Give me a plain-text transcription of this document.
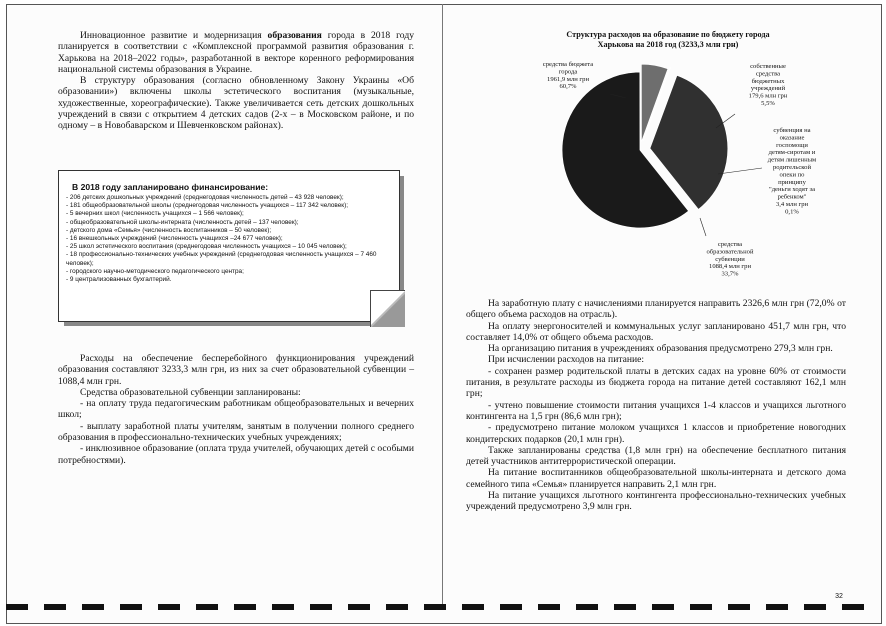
Инновационное развитие и модернизация образования города в 2018 году планируется в соответствии с «Комплексной программой развития образования г. Харькова на 2018–2022 годы», разработанной в векторе коренного реформирования национальной системы образования в Украине.

В структуру образования (согласно обновленному Закону Украины «Об образовании») включены школы эстетического воспитания (музыкальные, художественные, хореографические). Также увеличивается сеть детских дошкольных учреждений в связи с открытием 4 детских садов (2-х – в Московском районе, и по одному – в Новобаварском и Шевченковском районах).

В 2018 году запланировано финансирование:
- 206 детских дошкольных учреждений (среднегодовая численность детей – 43 928 человек);
- 181 общеобразовательной школы (среднегодовая численность учащихся – 117 342 человек);
- 5 вечерних школ (численность учащихся – 1 566 человек);
- общеобразовательной школы-интерната (численность детей – 137 человек);
- детского дома «Семья» (численность воспитанников – 50 человек);
- 16 внешкольных учреждений (численность учащихся –24 677 человек);
- 25 школ эстетического воспитания (среднегодовая численность учащихся – 10 045 человек);
- 18 профессионально-технических учебных учреждений (среднегодовая численность учащихся – 7 460 человек);
- городского научно-методического педагогического центра;
- 9 централизованных бухгалтерий.

Расходы на обеспечение бесперебойного функционирования учреждений образования составляют 3233,3 млн грн, из них за счет образовательной субвенции – 1088,4 млн грн.

Средства образовательной субвенции запланированы:

- на оплату труда педагогическим работникам общеобразовательных и вечерних школ;

- выплату заработной платы учителям, занятым в получении полного среднего образования в профессионально-технических учебных учреждениях;

- инклюзивное образование (оплата труда учителей, обучающих детей с особыми потребностями).

Структура расходов на образование по бюджету города Харькова на 2018 год (3233,3 млн грн)
средства бюджета города 1961,9 млн грн 60,7%
собственные средства бюджетных учреждений 179,6 млн грн 5,5%
субвенция на оказание госпомощи детям-сиротам и детям лишенным родительской опеки по принципу "деньги ходят за ребенком" 3,4 млн грн 0,1%
средства образовательной субвенции 1088,4 млн грн 33,7%

На заработную плату с начислениями планируется направить 2326,6 млн грн (72,0% от общего объема расходов на отрасль).

На оплату энергоносителей и коммунальных услуг запланировано 451,7 млн грн, что составляет 14,0% от общего объема расходов.

На организацию питания в учреждениях образования предусмотрено 279,3 млн грн.

При исчислении расходов на питание:

- сохранен размер родительской платы в детских садах на уровне 60% от стоимости питания, в результате расходы из бюджета города на питание детей составляют 162,1 млн грн;

- учтено повышение стоимости питания учащихся 1-4 классов и учащихся льготного контингента на 1,5 грн (86,6 млн грн);

- предусмотрено питание молоком учащихся 1 классов и приобретение новогодних кондитерских подарков (20,1 млн грн).

Также запланированы средства (1,8 млн грн) на обеспечение бесплатного питания детей участников антитеррористической операции.

На питание воспитанников общеобразовательной школы-интерната и детского дома семейного типа «Семья» планируется направить 2,1 млн грн.

На питание учащихся льготного контингента профессионально-технических учебных учреждений предусмотрено 3,9 млн грн.

32
